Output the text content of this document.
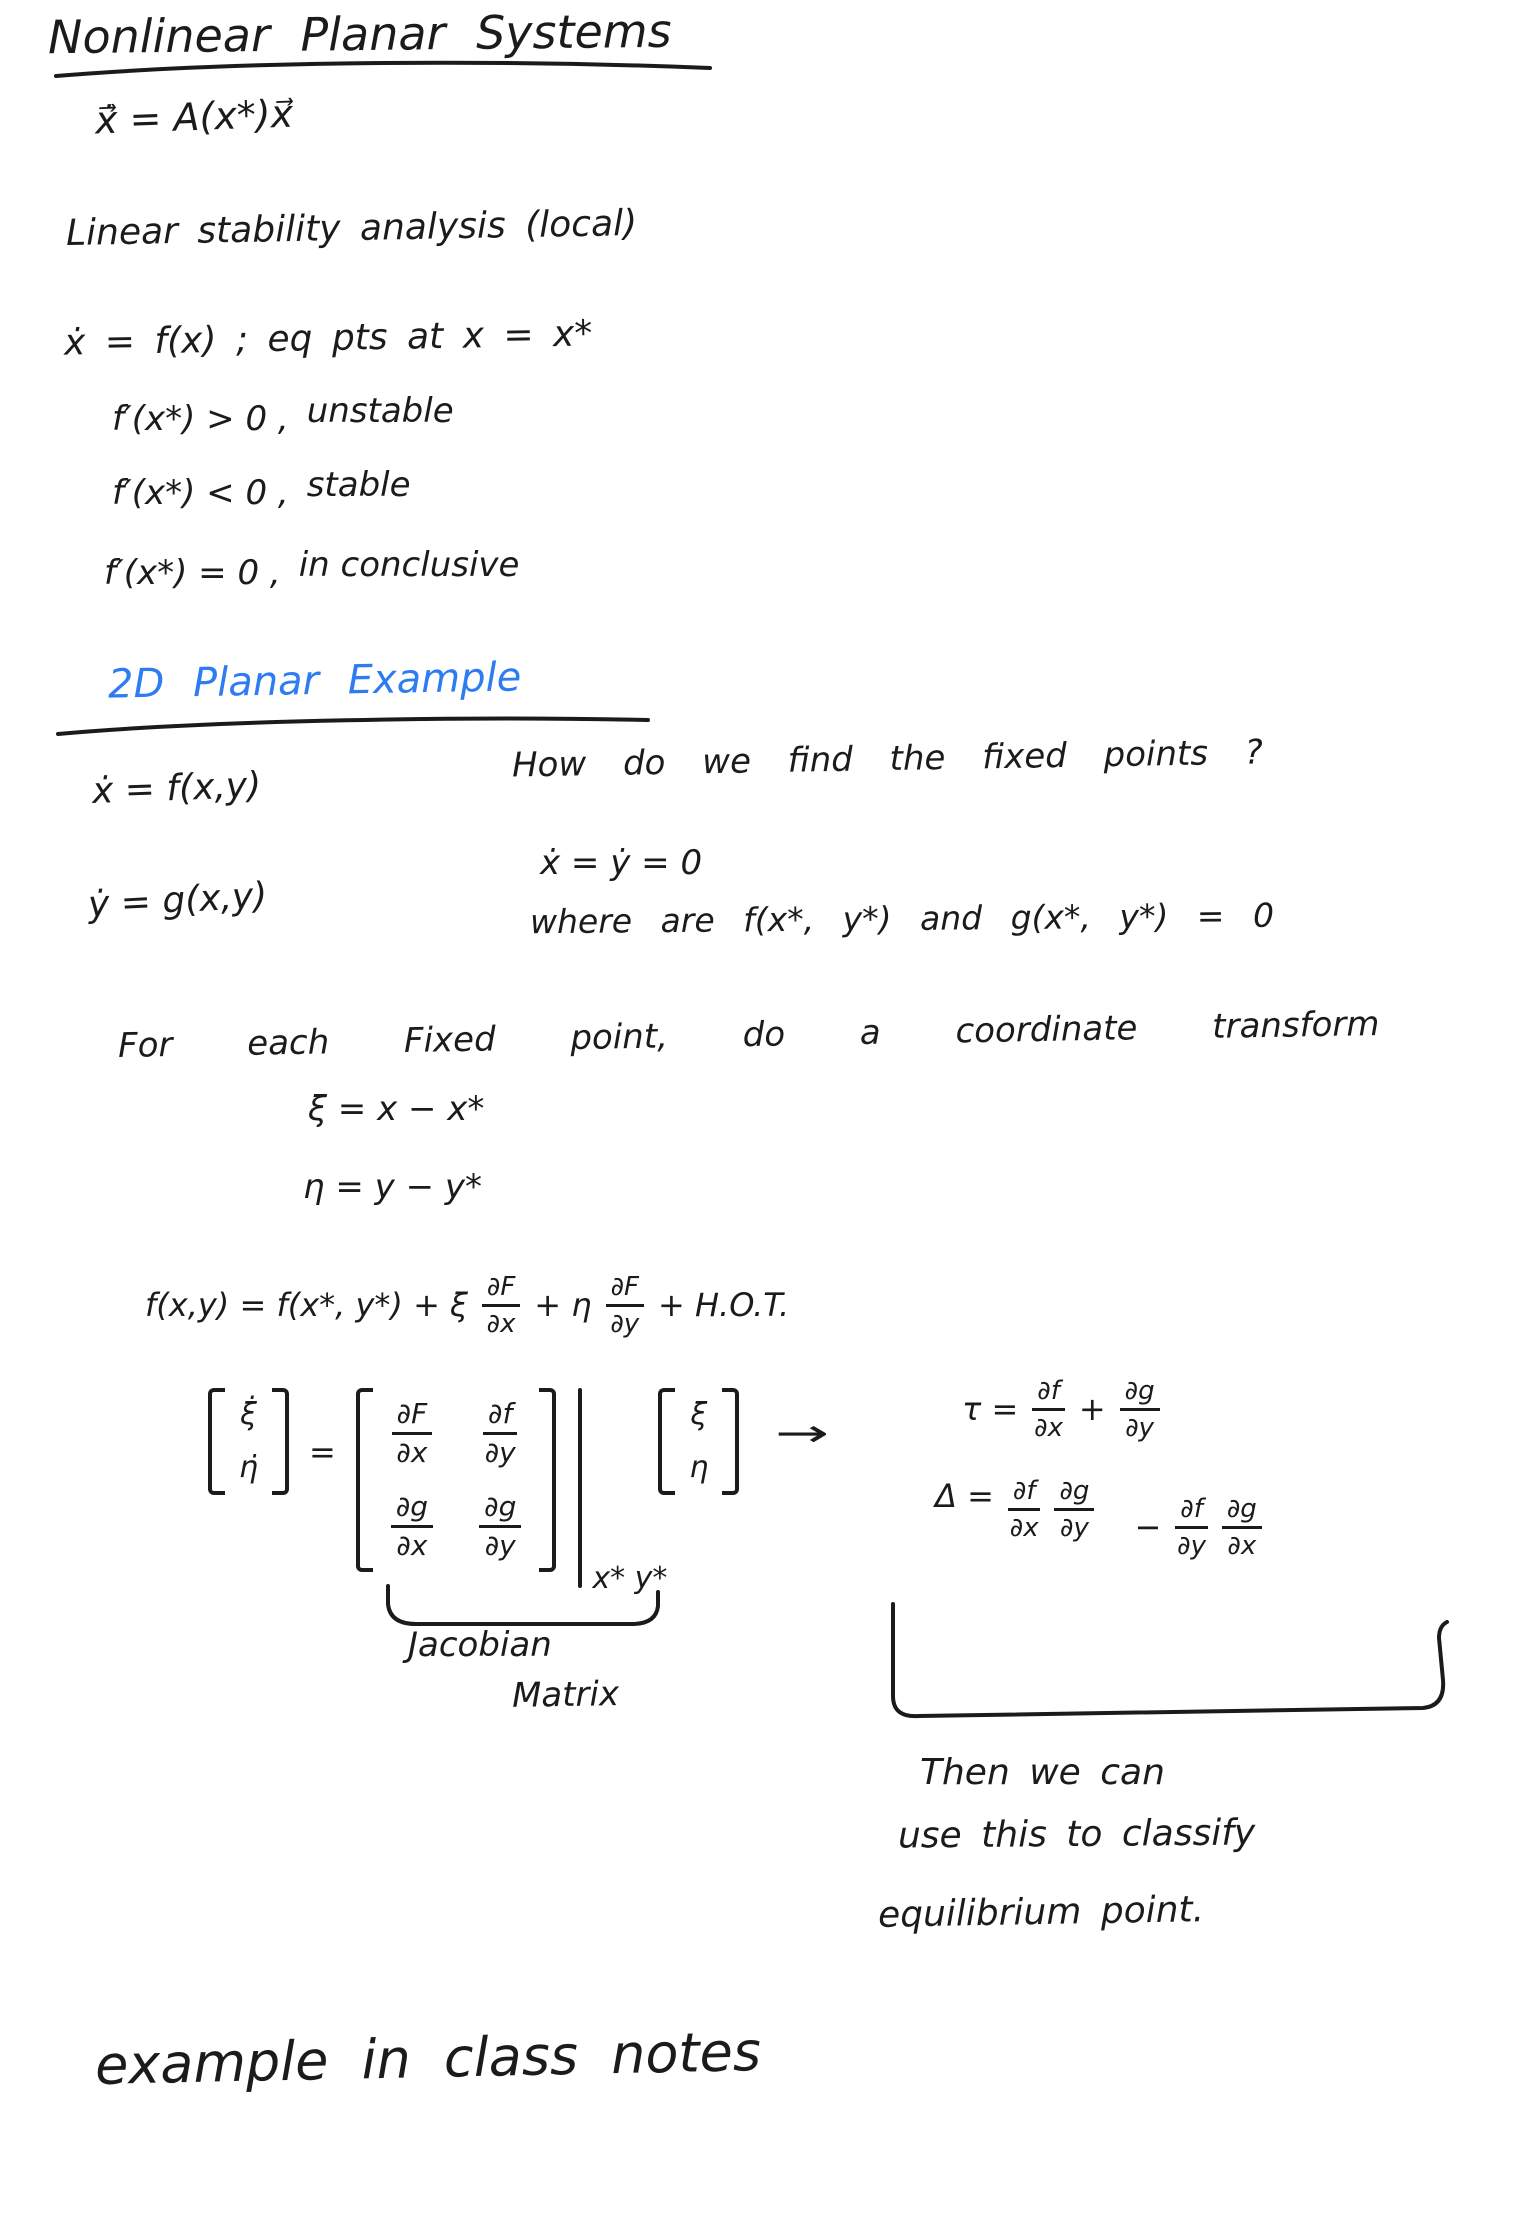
Nonlinear Planar Systems
ẋ⃗ = A(x*)x⃗
Linear stability analysis (local)
ẋ = f(x) ; eq pts at x = x*
f′(x*) > 0 , unstable
f′(x*) < 0 , stable
f′(x*) = 0 , in conclusive
2D Planar Example
ẋ = f(x,y)
How do we find the fixed points ?
ẋ = ẏ = 0
ẏ = g(x,y)	where are f(x*, y*) and g(x*, y*) = 0
For each Fixed point, do a coordinate transform
ξ = x − x*
η = y − y*
f(x,y) = f(x*, y*) + ξ $\frac{\partial F}{\partial x} + \eta \frac{\partial F}{\partial y} + H.O.T$.
ξ̇
η̇ = $\frac{\partial F}{\partial x} \frac{\partial f}{\partial y}$
$\frac{\partial g}{\partial x} \frac{\partial g}{\partial y}$
x* y*
ξ
η
→
$\tau = \frac{\partial f}{\partial x} + \frac{\partial g}{\partial y}$
$\Delta = \frac{\partial f}{\partial x} \frac{\partial g}{\partial y} - \frac{\partial f}{\partial y} \frac{\partial g}{\partial x}$
Jacobian
Matrix
Then we can
use this to classify
equilibrium point.
example in class notes
